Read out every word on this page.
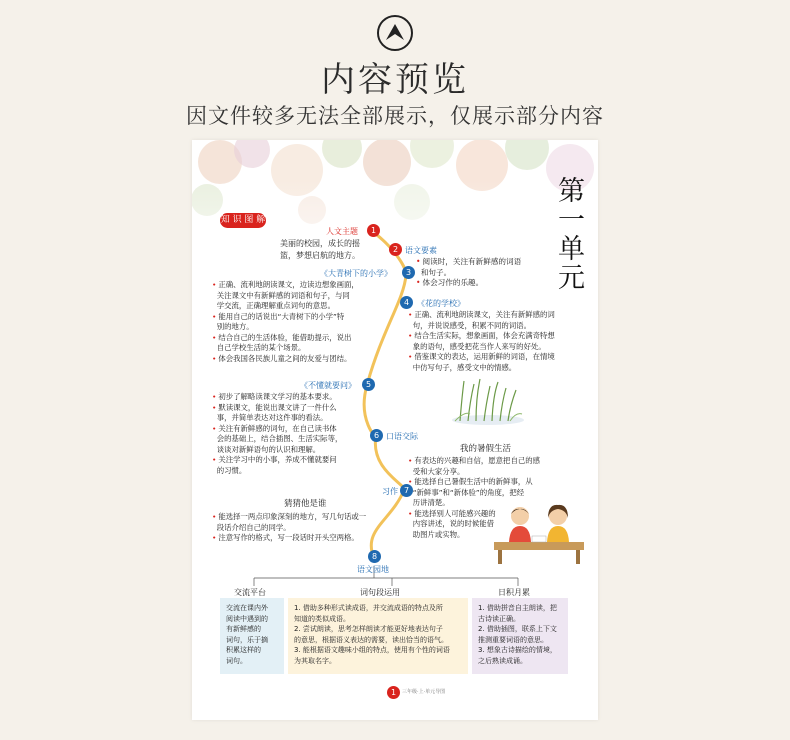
内容预览
因文件较多无法全部展示，仅展示部分内容
第一单元
知 识 图 解
1
人文主题
2 语文要素
3
《大青树下的小学》
4 《花的学校》
5
《不懂就要问》
6 口语交际
7
习作
8
语文园地

美丽的校园，成长的摇

篮，梦想启航的地方。

• 阅读时，关注有新鲜感的词语

和句子。

• 体会习作的乐趣。

• 正确、流利地朗读课文，边读边想象画面，

关注课文中有新鲜感的词语和句子，与同

学交流，正确理解重点词句的意思。

• 能用自己的话说出“大青树下的小学”特

别的地方。

• 结合自己的生活体验，能借助提示，说出

自己学校生活的某个场景。

• 体会我国各民族儿童之间的友爱与团结。

• 正确、流利地朗读课文，关注有新鲜感的词

句，并说说感受，积累不同的词语。

• 结合生活实际，想象画面，体会充满奇特想

象的语句，感受把花当作人来写的好处。

• 借鉴课文的表达，运用新鲜的词语，在情境

中仿写句子，感受文中的情感。

• 初步了解略读课文学习的基本要求。

• 默读课文，能说出课文讲了一件什么

事，并简单表达对这件事的看法。

• 关注有新鲜感的词句，在自己读书体

会的基础上，结合插图、生活实际等，

谈谈对新鲜语句的认识和理解。

• 关注学习中的小事，养成不懂就要问

的习惯。

我的暑假生活

• 有表达的兴趣和自信，愿意把自己的感

受和大家分享。

• 能选择自己暑假生活中的新鲜事，从

“新鲜事”和“新体验”的角度，把经

历讲清楚。

• 能选择别人可能感兴趣的

内容讲述，说的时候能借

助图片或实物。

猜猜他是谁

• 能选择一两点印象深刻的地方，写几句话或一

段话介绍自己的同学。

• 注意写作的格式，写一段话时开头空两格。

交流平台	词句段运用	日积月累

交流在课内外

阅读中遇到的

有新鲜感的

词句，乐于摘

积累这样的

词句。

1. 借助多种形式读成语，并交流成语的特点及所

知道的类似成语。

2. 尝试朗读，思考怎样朗读才能更好地表达句子

的意思，根据语义表达的需要，读出恰当的语气。

3. 能根据语文趣味小组的特点，使用有个性的词语

为其取名字。

1. 借助拼音自主朗读，把

古诗读正确。

2. 借助插图，联系上下文

推测重要词语的意思。

3. 想象古诗描绘的情境，

之后熟读成诵。

1	三年级·上·单元导图
